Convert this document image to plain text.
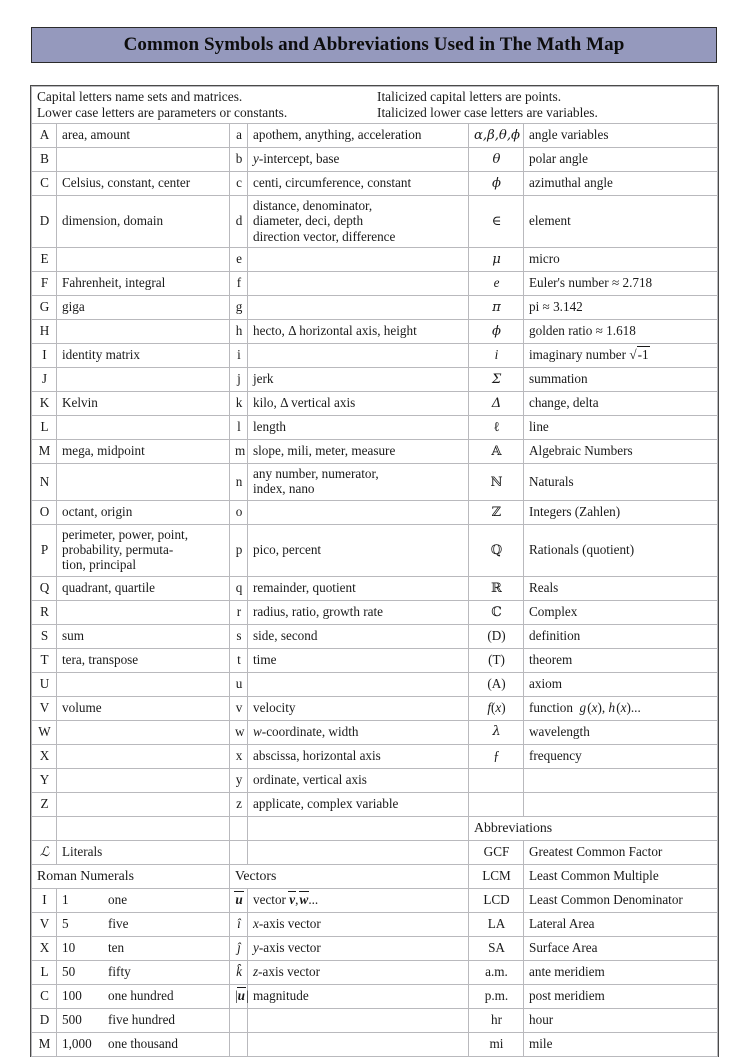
Common Symbols and Abbreviations Used in The Math Map
Capital letters name sets and matrices. Italicized capital letters are points.
Lower case letters are parameters or constants. Italicized lower case letters are variables.					

A	area, amount	a	apothem, anything, acceleration	α,β,θ,ϕ	angle variables
B		b	y-intercept, base	θ	polar angle
C	Celsius, constant, center	c	centi, circumference, constant	ϕ	azimuthal angle
D	dimension, domain	d	distance, denominator,
diameter, deci, depth
direction vector, difference	∈	element
E		e		μ	micro
F	Fahrenheit, integral	f		e	Euler's number ≈ 2.718
G	giga	g		π	pi ≈ 3.142
H		h	hecto, Δ horizontal axis, height	ϕ	golden ratio ≈ 1.618
I	identity matrix	i		i	imaginary number √-1
J		j	jerk	Σ	summation
K	Kelvin	k	kilo, Δ vertical axis	Δ	change, delta
L		l	length	ℓ	line
M	mega, midpoint	m	slope, mili, meter, measure	𝔸	Algebraic Numbers
N		n	any number, numerator,
index, nano	ℕ	Naturals
O	octant, origin	o		ℤ	Integers (Zahlen)
P	perimeter, power, point,
probability, permuta-
tion, principal	p	pico, percent	ℚ	Rationals (quotient)
Q	quadrant, quartile	q	remainder, quotient	ℝ	Reals
R		r	radius, ratio, growth rate	ℂ	Complex
S	sum	s	side, second	(D)	definition
T	tera, transpose	t	time	(T)	theorem
U		u		(A)	axiom
V	volume	v	velocity	f(x)	function  g (x), h (x)...
W		w	w-coordinate, width	λ	wavelength
X		x	abscissa, horizontal axis	ƒ	frequency
Y		y	ordinate, vertical axis		
Z		z	applicate, complex variable		
				Abbreviations	
ℒ	Literals			GCF	Greatest Common Factor
Roman Numerals		Vectors		LCM	Least Common Multiple
I	1 one	u	vector v, w...	LCD	Least Common Denominator
V	5 five	î	x-axis vector	LA	Lateral Area
X	10 ten	ĵ	y-axis vector	SA	Surface Area
L	50 fifty	k̂	z-axis vector	a.m.	ante meridiem
C	100 one hundred	|u |	magnitude	p.m.	post meridiem
D	500 five hundred			hr	hour
M	1,000 one thousand			mi	mile
